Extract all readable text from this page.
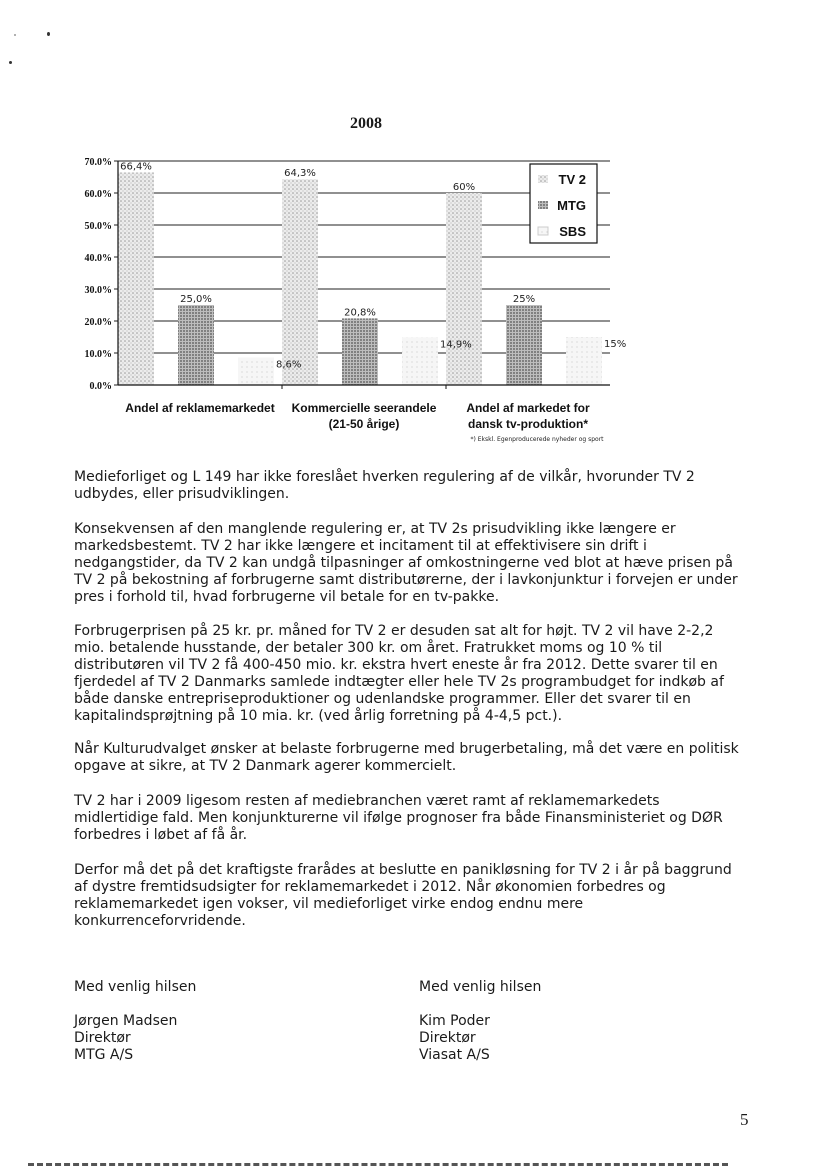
2008
66,4%
25,0%
8,6%
64,3%
20,8%
14,9%
60%
25%
15%
0.0%
10.0%
20.0%
30.0%
40.0%
50.0%
60.0%
70.0%
Andel af reklamemarkedet Kommercielle seerandele
(21-50 årige)
Andel af markedet for
dansk tv-produktion*
*) Ekskl. Egenproducerede nyheder og sport
TV 2
MTG
SBS
Medieforliget og L 149 har ikke foreslået hverken regulering af de vilkår, hvorunder TV 2
udbydes, eller prisudviklingen.
Konsekvensen af den manglende regulering er, at TV 2s prisudvikling ikke længere er
markedsbestemt. TV 2 har ikke længere et incitament til at effektivisere sin drift i
nedgangstider, da TV 2 kan undgå tilpasninger af omkostningerne ved blot at hæve prisen på
TV 2 på bekostning af forbrugerne samt distributørerne, der i lavkonjunktur i forvejen er under
pres i forhold til, hvad forbrugerne vil betale for en tv-pakke.
Forbrugerprisen på 25 kr. pr. måned for TV 2 er desuden sat alt for højt. TV 2 vil have 2-2,2
mio. betalende husstande, der betaler 300 kr. om året. Fratrukket moms og 10 % til
distributøren vil TV 2 få 400-450 mio. kr. ekstra hvert eneste år fra 2012. Dette svarer til en
fjerdedel af TV 2 Danmarks samlede indtægter eller hele TV 2s programbudget for indkøb af
både danske entrepriseproduktioner og udenlandske programmer. Eller det svarer til en
kapitalindsprøjtning på 10 mia. kr. (ved årlig forretning på 4-4,5 pct.).
Når Kulturudvalget ønsker at belaste forbrugerne med brugerbetaling, må det være en politisk
opgave at sikre, at TV 2 Danmark agerer kommercielt.
TV 2 har i 2009 ligesom resten af mediebranchen været ramt af reklamemarkedets
midlertidige fald. Men konjunkturerne vil ifølge prognoser fra både Finansministeriet og DØR
forbedres i løbet af få år.
Derfor må det på det kraftigste frarådes at beslutte en panikløsning for TV 2 i år på baggrund
af dystre fremtidsudsigter for reklamemarkedet i 2012. Når økonomien forbedres og
reklamemarkedet igen vokser, vil medieforliget virke endog endnu mere
konkurrenceforvridende.
Med venlig hilsen
Jørgen Madsen
Direktør
MTG A/S
Med venlig hilsen
Kim Poder
Direktør
Viasat A/S
5
